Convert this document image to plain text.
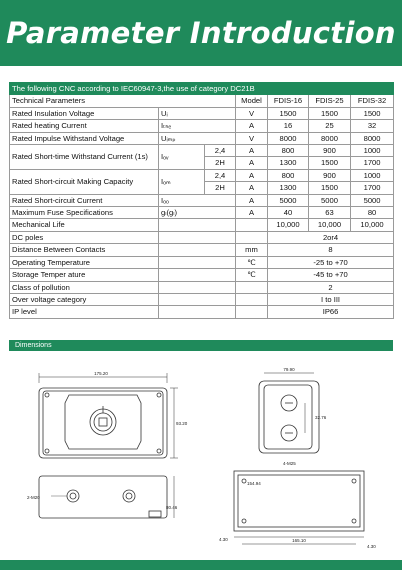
Parameter Introduction
The following CNC according to IEC60947-3,the use of category DC21B						
Technical Parameters			Model	FDIS-16	FDIS-25	FDIS-32
Rated Insulation Voltage	Uᵢ		V	1500	1500	1500
Rated heating Current	Iₜₕₑ		A	16	25	32
Rated Impulse Withstand Voltage	Uᵢₘₚ		V	8000	8000	8000
Rated Short-time Withstand Current (1s)	Iₒᵥ	2,4	A	800	900	1000
		2H	A	1300	1500	1700
Rated Short-circuit Making Capacity	Iₒₘ	2,4	A	800	900	1000
		2H	A	1300	1500	1700
Rated Short-circuit Current	Iₒₒ		A	5000	5000	5000
Maximum Fuse Specifications	gₗ(gₗ)		A	40	63	80
Mechanical Life				10,000	10,000	10,000
DC poles				2or4		
Distance Between Contacts			mm	8		
Operating Temperature			℃	-25 to +70		
Storage Temper ature			℃	-45 to +70		
Class of pollution				2		
Over voltage category				I to III		
IP level				IP66		
Dimensions
175.20
93.20
2-M20
80.46
79.90
32.76
4-M25
154.94
165.10
4.30
4.30
